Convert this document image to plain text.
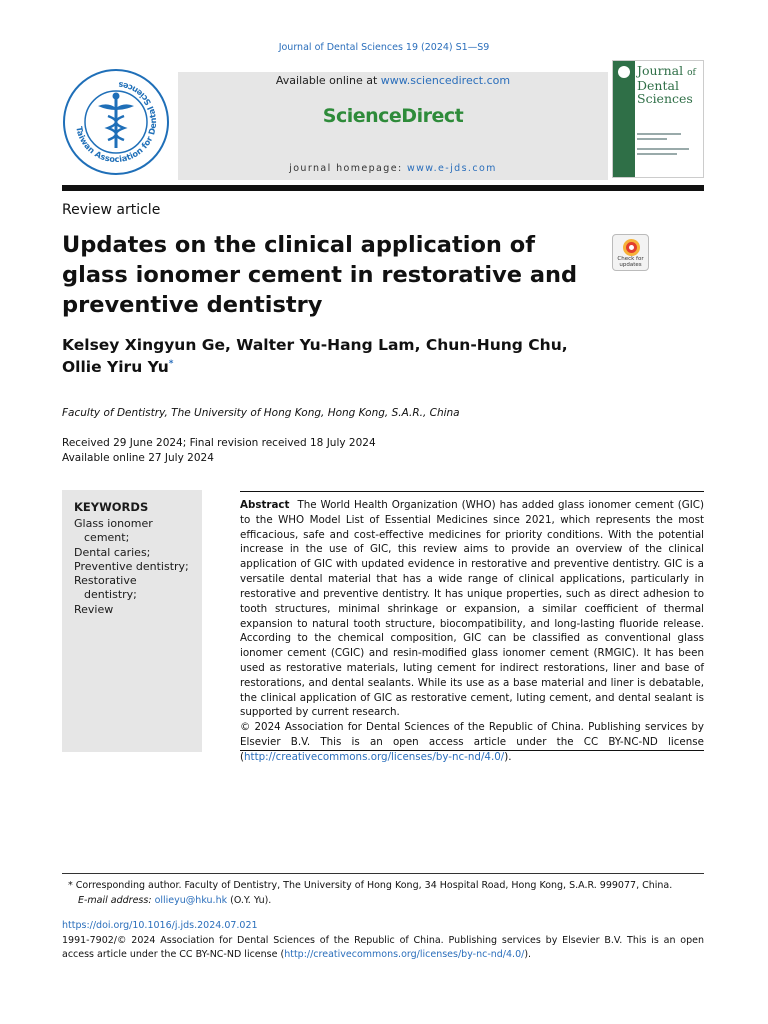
Journal of Dental Sciences 19 (2024) S1—S9
Taiwan Association for Dental Sciences	Available online at www.sciencedirect.com
ScienceDirect
journal homepage: www.e-jds.com
Journal of
Dental
Sciences
Review article
Updates on the clinical application of glass ionomer cement in restorative and preventive dentistry
Check for
updates
Kelsey Xingyun Ge, Walter Yu-Hang Lam, Chun-Hung Chu,
Ollie Yiru Yu*
Faculty of Dentistry, The University of Hong Kong, Hong Kong, S.A.R., China
Received 29 June 2024; Final revision received 18 July 2024
Available online 27 July 2024
KEYWORDS
Glass ionomer cement;
Dental caries;
Preventive dentistry;
Restorative dentistry;
Review

Abstract The World Health Organization (WHO) has added glass ionomer cement (GIC) to the WHO Model List of Essential Medicines since 2021, which represents the most efficacious, safe and cost-effective medicines for priority conditions. With the potential increase in the use of GIC, this review aims to provide an overview of the clinical application of GIC with updated evidence in restorative and preventive dentistry. GIC is a versatile dental material that has a wide range of clinical applications, particularly in restorative and preventive dentistry. It has unique properties, such as direct adhesion to tooth structures, minimal shrinkage or expansion, a similar coefficient of thermal expansion to natural tooth structure, biocompatibility, and long-lasting fluoride release. According to the chemical composition, GIC can be classified as conventional glass ionomer cement (CGIC) and resin-modified glass ionomer cement (RMGIC). It has been used as restorative materials, luting cement for indirect restorations, liner and base of restorations, and dental sealants. While its use as a base material and liner is debatable, the clinical application of GIC as restorative cement, luting cement, and dental sealant is supported by current research.

© 2024 Association for Dental Sciences of the Republic of China. Publishing services by Elsevier B.V. This is an open access article under the CC BY-NC-ND license (http://creativecommons.org/licenses/by-nc-nd/4.0/).

* Corresponding author. Faculty of Dentistry, The University of Hong Kong, 34 Hospital Road, Hong Kong, S.A.R. 999077, China.
E-mail address: ollieyu@hku.hk (O.Y. Yu).
https://doi.org/10.1016/j.jds.2024.07.021
1991-7902/© 2024 Association for Dental Sciences of the Republic of China. Publishing services by Elsevier B.V. This is an open access article under the CC BY-NC-ND license (http://creativecommons.org/licenses/by-nc-nd/4.0/).
